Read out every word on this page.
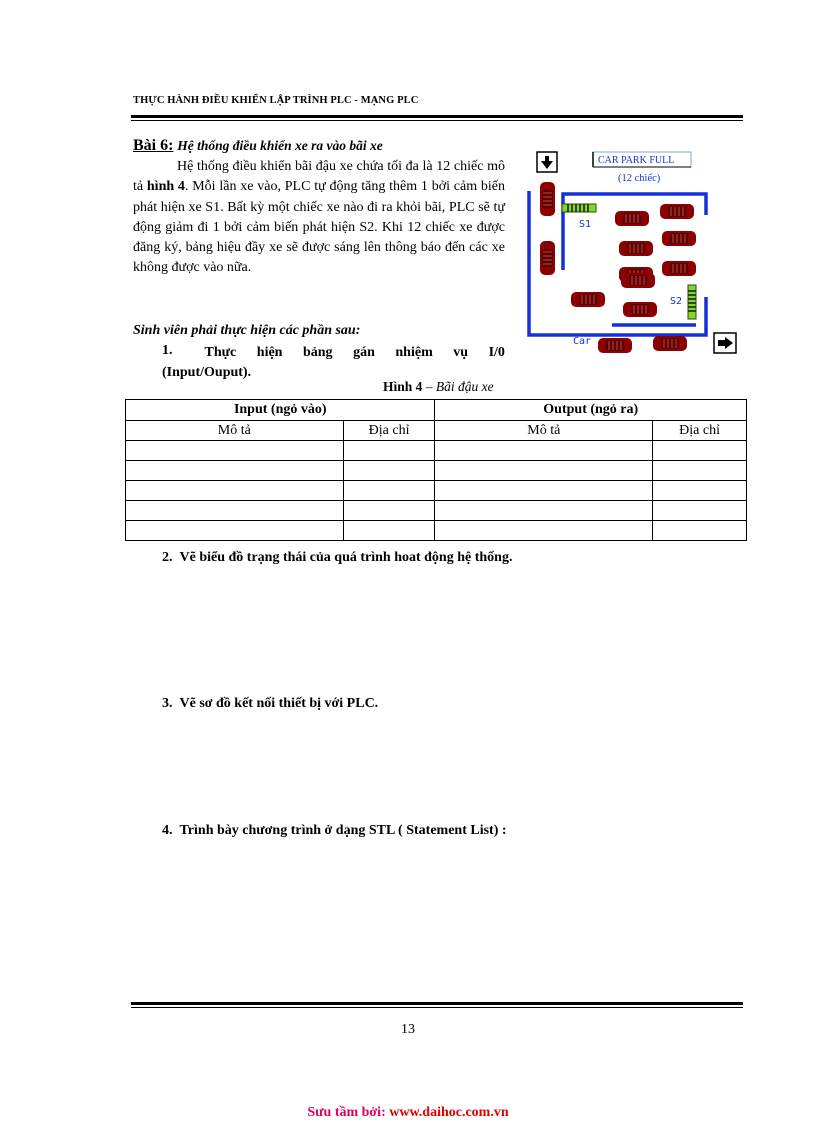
THỰC HÀNH ĐIỀU KHIỂN LẬP TRÌNH PLC - MẠNG PLC
Bài 6: Hệ thống điều khiển xe ra vào bãi xe

Hệ thống điều khiển bãi đậu xe chứa tối đa là 12 chiếc mô tả hình 4. Mỗi lần xe vào, PLC tự động tăng thêm 1 bởi cảm biến phát hiện xe S1. Bất kỳ một chiếc xe nào đi ra khỏi bãi, PLC sẽ tự động giảm đi 1 bởi cảm biến phát hiện S2. Khi 12 chiếc xe được đăng ký, bảng hiệu đầy xe sẽ được sáng lên thông báo đến các xe không được vào nữa.

Sinh viên phải thực hiện các phần sau:
Thực hiện bảng gán nhiệm vụ I/0
(Input/Ouput).
1.
Hình 4 – Bãi đậu xe
CAR PARK FULL
(12 chiếc)
S1
S2
Car
Input (ngỏ vào)		Output (ngỏ ra)	
Mô tả	Địa chỉ	Mô tả	Địa chỉ

2. Vẽ biểu đồ trạng thái của quá trình hoat động hệ thống.
3. Vẽ sơ đồ kết nối thiết bị với PLC.
4. Trình bày chương trình ở dạng STL ( Statement List) :
13
Sưu tầm bởi: www.daihoc.com.vn
